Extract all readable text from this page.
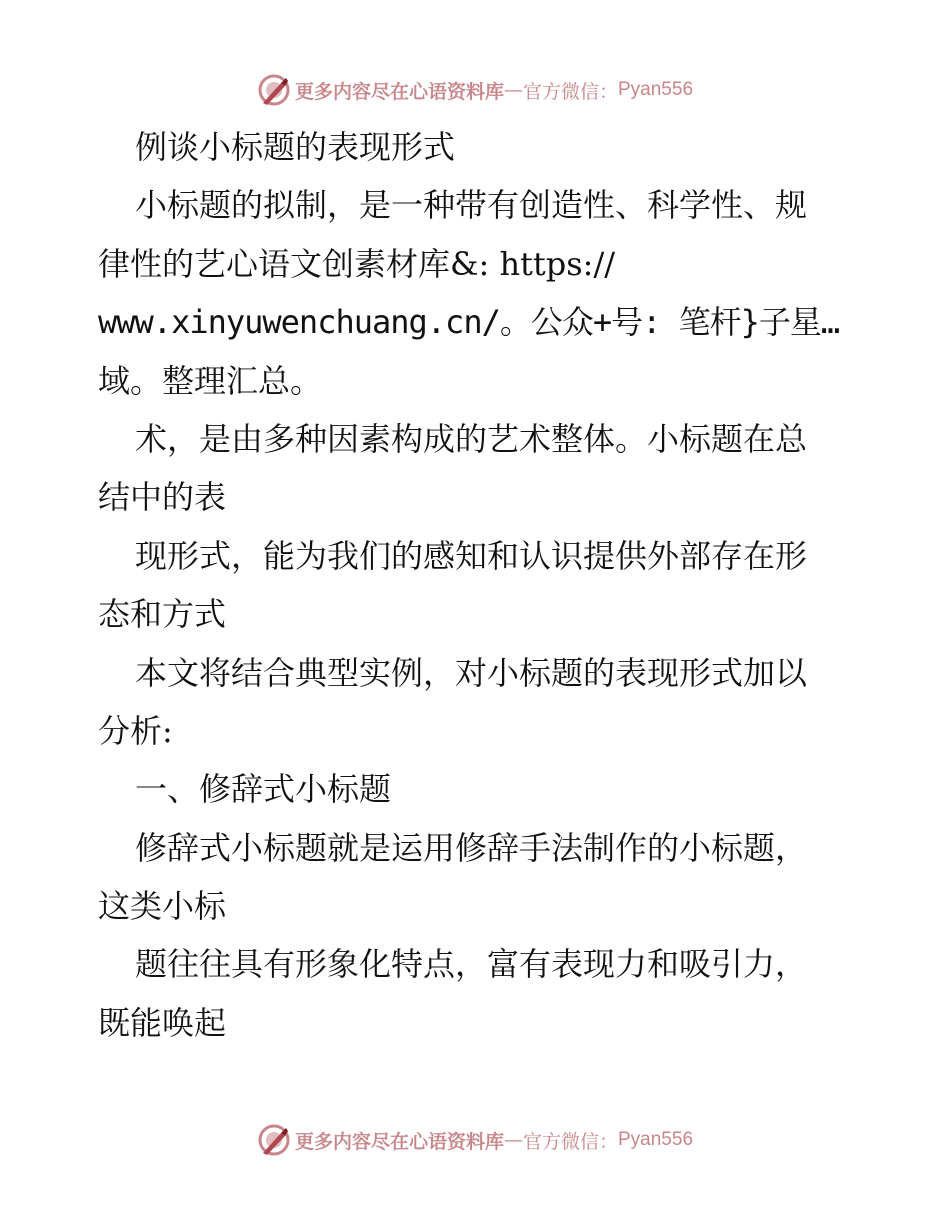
更多内容尽在心语资料库 — 官方微信： Pyan556
例谈小标题的表现形式
小标题的拟制，是一种带有创造性、科学性、规
律性的艺心语文创素材库&: https://
www.xinyuwenchuang.cn/。公众+号: 笔杆}子星…
域。整理汇总。
术，是由多种因素构成的艺术整体。小标题在总
结中的表
现形式，能为我们的感知和认识提供外部存在形
态和方式
本文将结合典型实例，对小标题的表现形式加以
分析:
一、修辞式小标题
修辞式小标题就是运用修辞手法制作的小标题，
这类小标
题往往具有形象化特点，富有表现力和吸引力，
既能唤起
更多内容尽在心语资料库 — 官方微信： Pyan556
